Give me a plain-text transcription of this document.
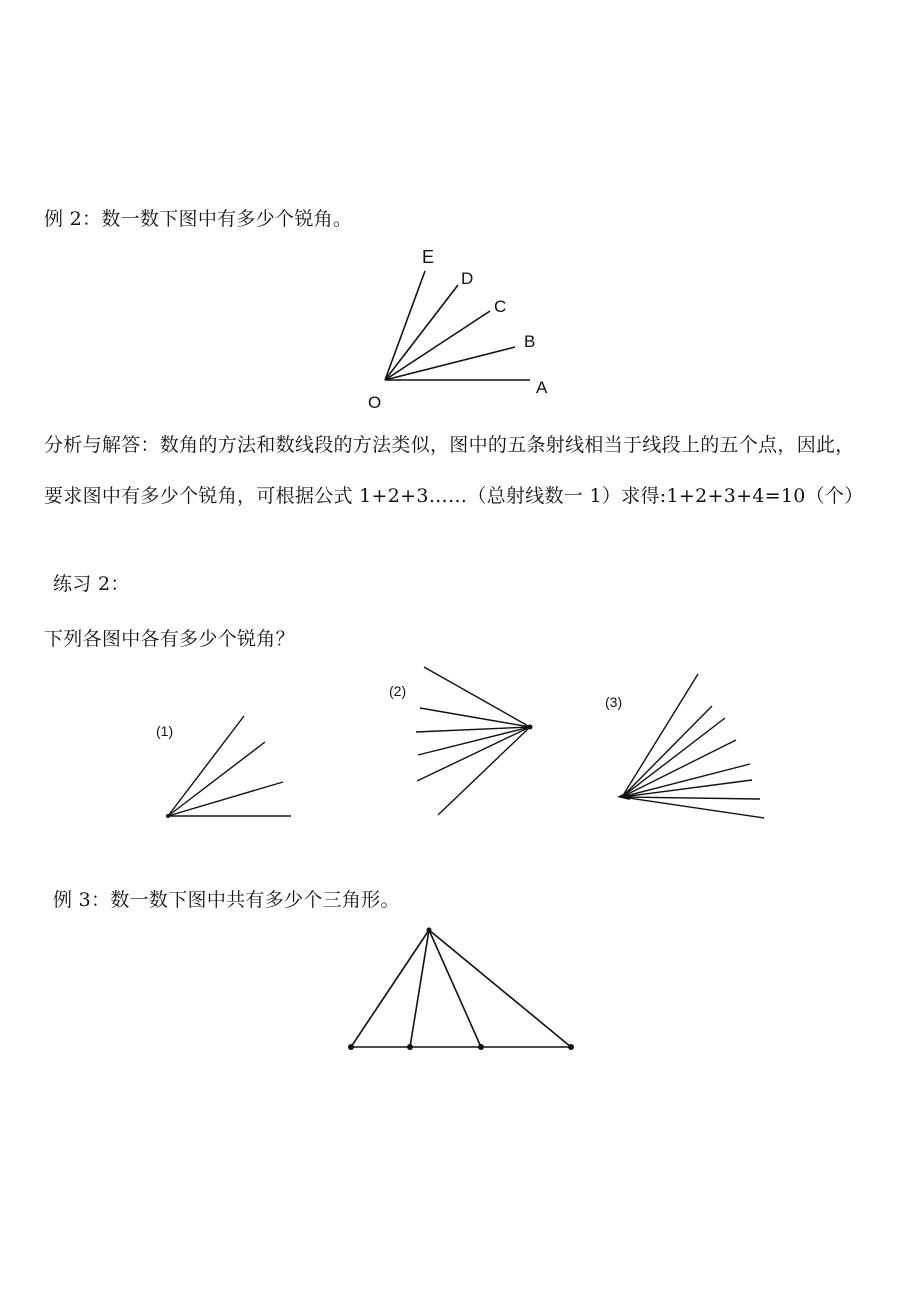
例 2：数一数下图中有多少个锐角。
E
D
C
B
A
O
分析与解答：数角的方法和数线段的方法类似，图中的五条射线相当于线段上的五个点，因此，
要求图中有多少个锐角，可根据公式 1+2+3……（总射线数一 1）求得:1+2+3+4=10（个）
练习 2：
下列各图中各有多少个锐角？
(1)
(2)
(3)
例 3：数一数下图中共有多少个三角形。
